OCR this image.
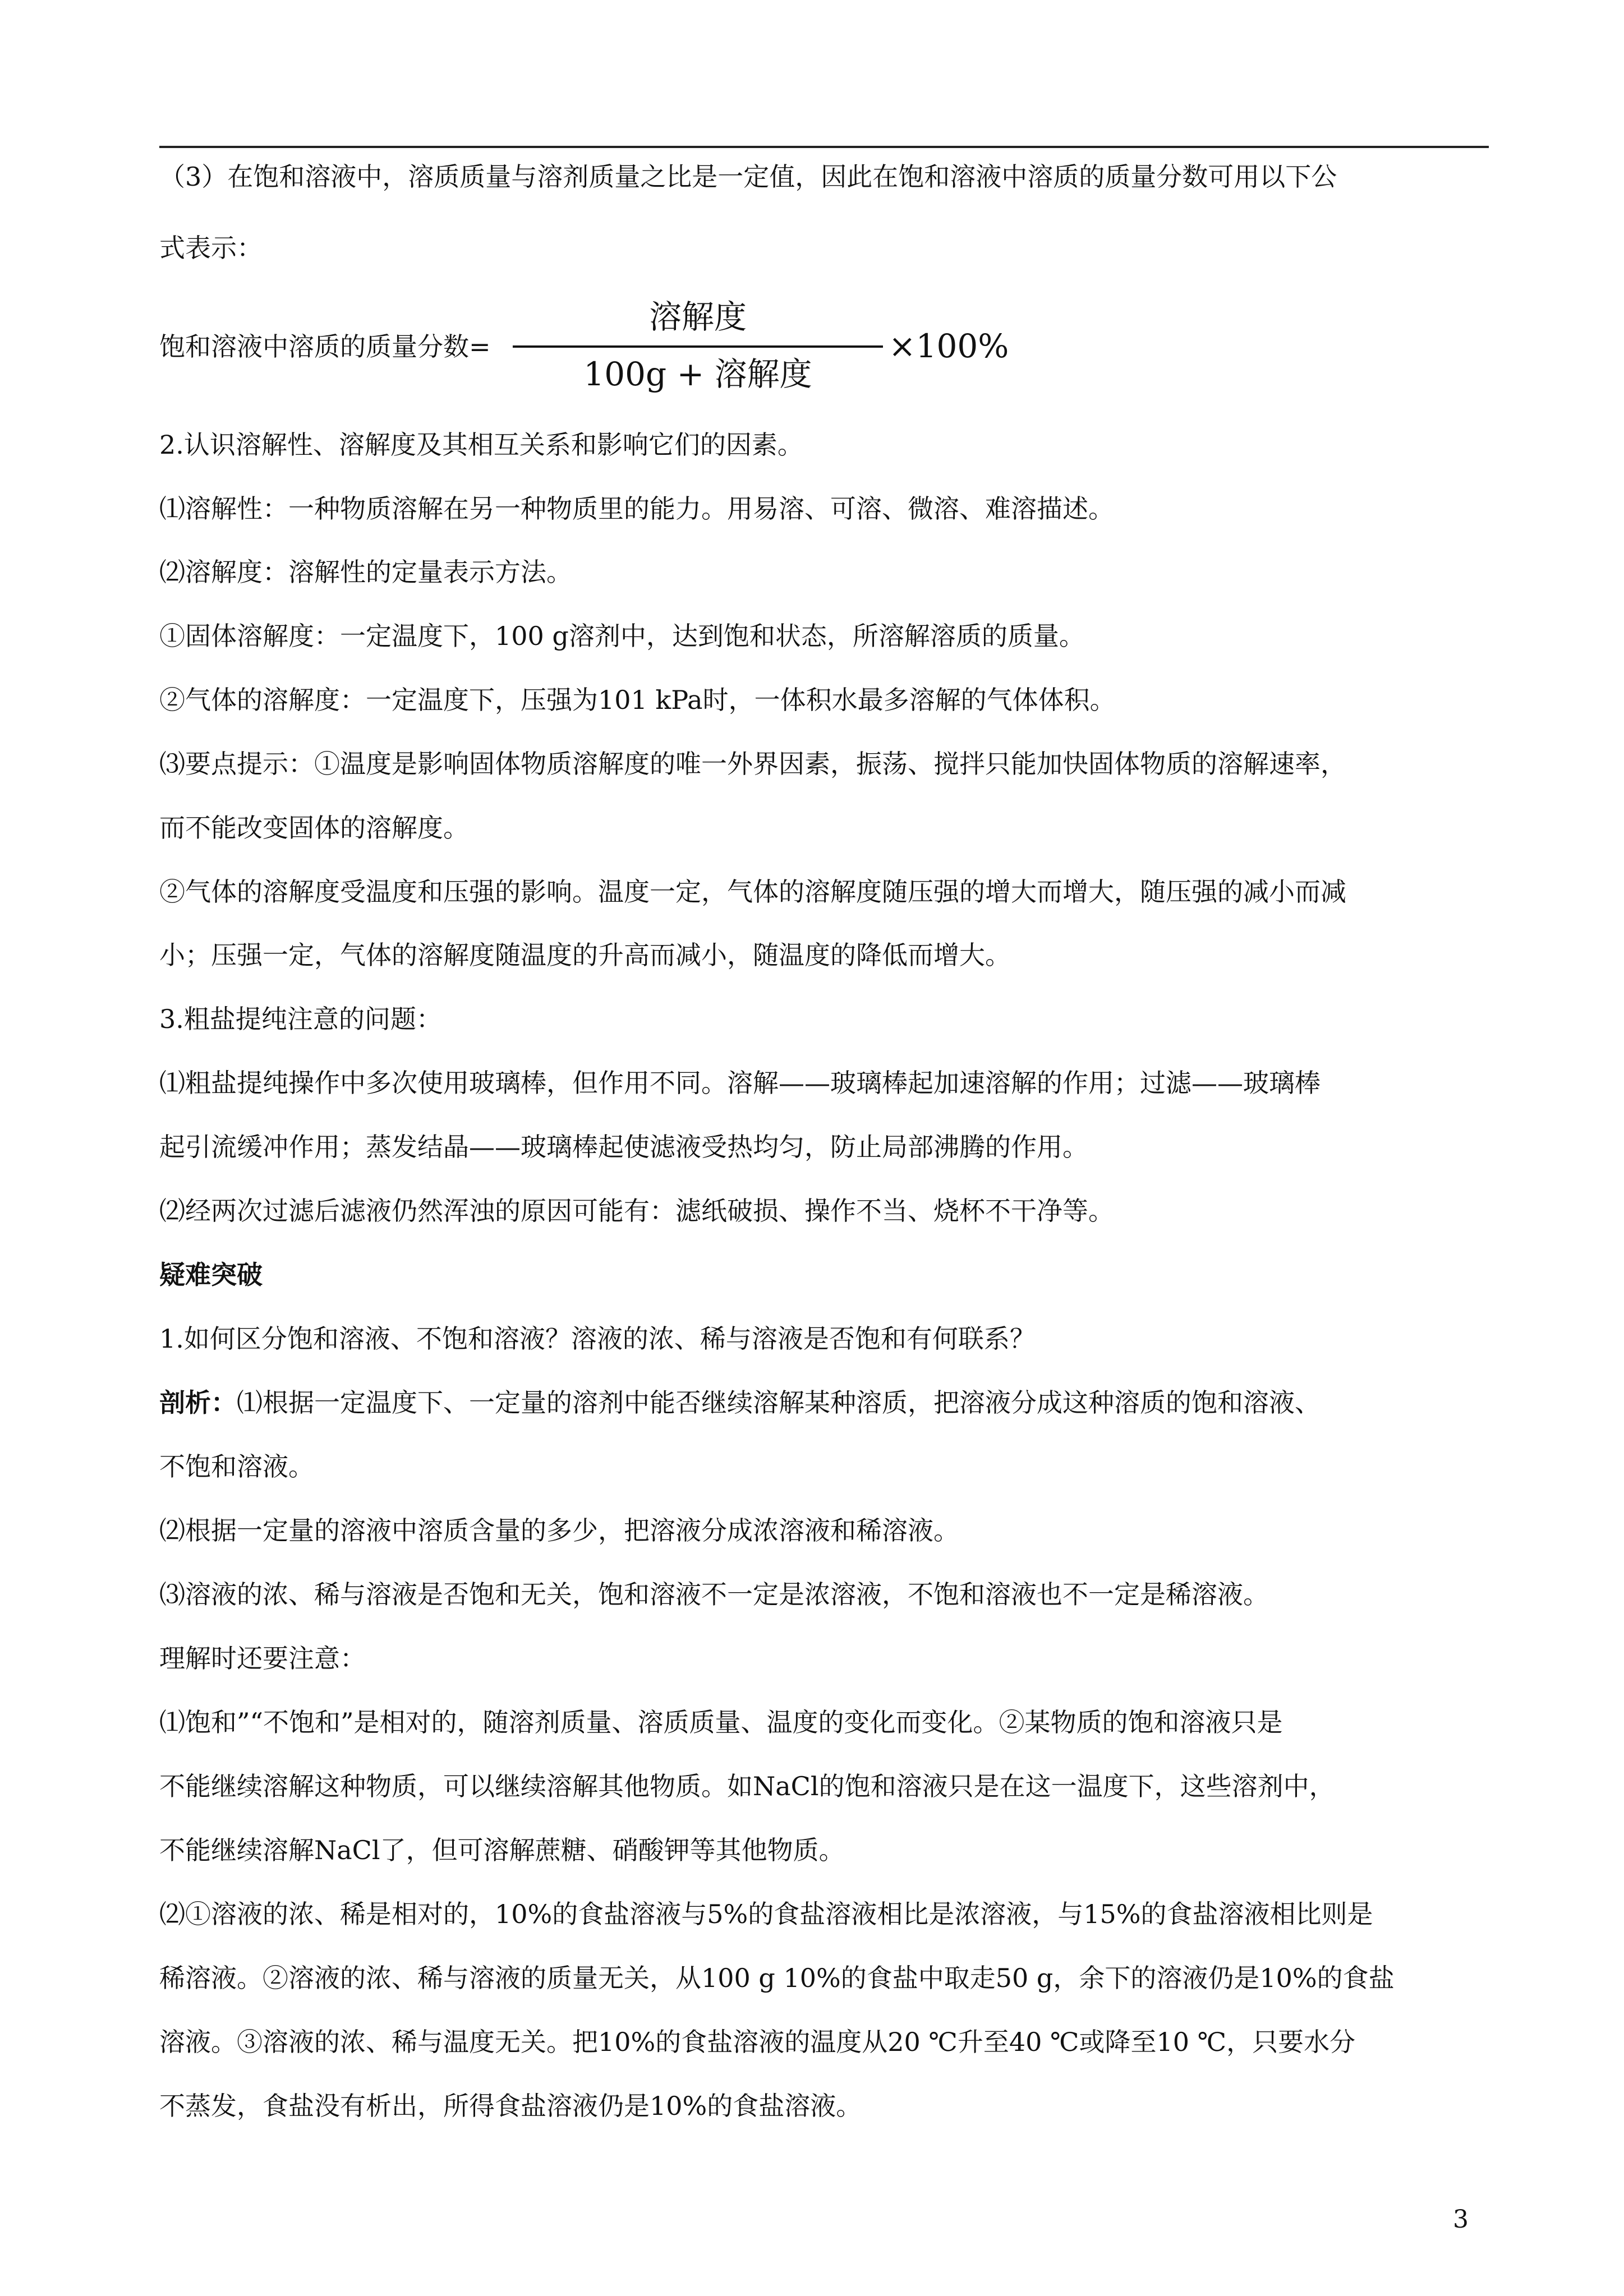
（3）在饱和溶液中，溶质质量与溶剂质量之比是一定值，因此在饱和溶液中溶质的质量分数可用以下公
式表示：
饱和溶液中溶质的质量分数=
溶解度
100g + 溶解度
×100%
2.认识溶解性、溶解度及其相互关系和影响它们的因素。
⑴溶解性：一种物质溶解在另一种物质里的能力。用易溶、可溶、微溶、难溶描述。
⑵溶解度：溶解性的定量表示方法。
①固体溶解度：一定温度下，100 g溶剂中，达到饱和状态，所溶解溶质的质量。
②气体的溶解度：一定温度下，压强为101 kPa时，一体积水最多溶解的气体体积。
⑶要点提示：①温度是影响固体物质溶解度的唯一外界因素，振荡、搅拌只能加快固体物质的溶解速率，
而不能改变固体的溶解度。
②气体的溶解度受温度和压强的影响。温度一定，气体的溶解度随压强的增大而增大，随压强的减小而减
小；压强一定，气体的溶解度随温度的升高而减小，随温度的降低而增大。
3.粗盐提纯注意的问题：
⑴粗盐提纯操作中多次使用玻璃棒，但作用不同。溶解——玻璃棒起加速溶解的作用；过滤——玻璃棒
起引流缓冲作用；蒸发结晶——玻璃棒起使滤液受热均匀，防止局部沸腾的作用。
⑵经两次过滤后滤液仍然浑浊的原因可能有：滤纸破损、操作不当、烧杯不干净等。
疑难突破
1.如何区分饱和溶液、不饱和溶液？溶液的浓、稀与溶液是否饱和有何联系？
剖析：⑴根据一定温度下、一定量的溶剂中能否继续溶解某种溶质，把溶液分成这种溶质的饱和溶液、
不饱和溶液。
⑵根据一定量的溶液中溶质含量的多少，把溶液分成浓溶液和稀溶液。
⑶溶液的浓、稀与溶液是否饱和无关，饱和溶液不一定是浓溶液，不饱和溶液也不一定是稀溶液。
理解时还要注意：
⑴饱和”“不饱和”是相对的，随溶剂质量、溶质质量、温度的变化而变化。②某物质的饱和溶液只是
不能继续溶解这种物质，可以继续溶解其他物质。如NaCl的饱和溶液只是在这一温度下，这些溶剂中，
不能继续溶解NaCl了，但可溶解蔗糖、硝酸钾等其他物质。
⑵①溶液的浓、稀是相对的，10%的食盐溶液与5%的食盐溶液相比是浓溶液，与15%的食盐溶液相比则是
稀溶液。②溶液的浓、稀与溶液的质量无关，从100 g 10%的食盐中取走50 g，余下的溶液仍是10%的食盐
溶液。③溶液的浓、稀与温度无关。把10%的食盐溶液的温度从20 ℃升至40 ℃或降至10 ℃，只要水分
不蒸发，食盐没有析出，所得食盐溶液仍是10%的食盐溶液。
3
